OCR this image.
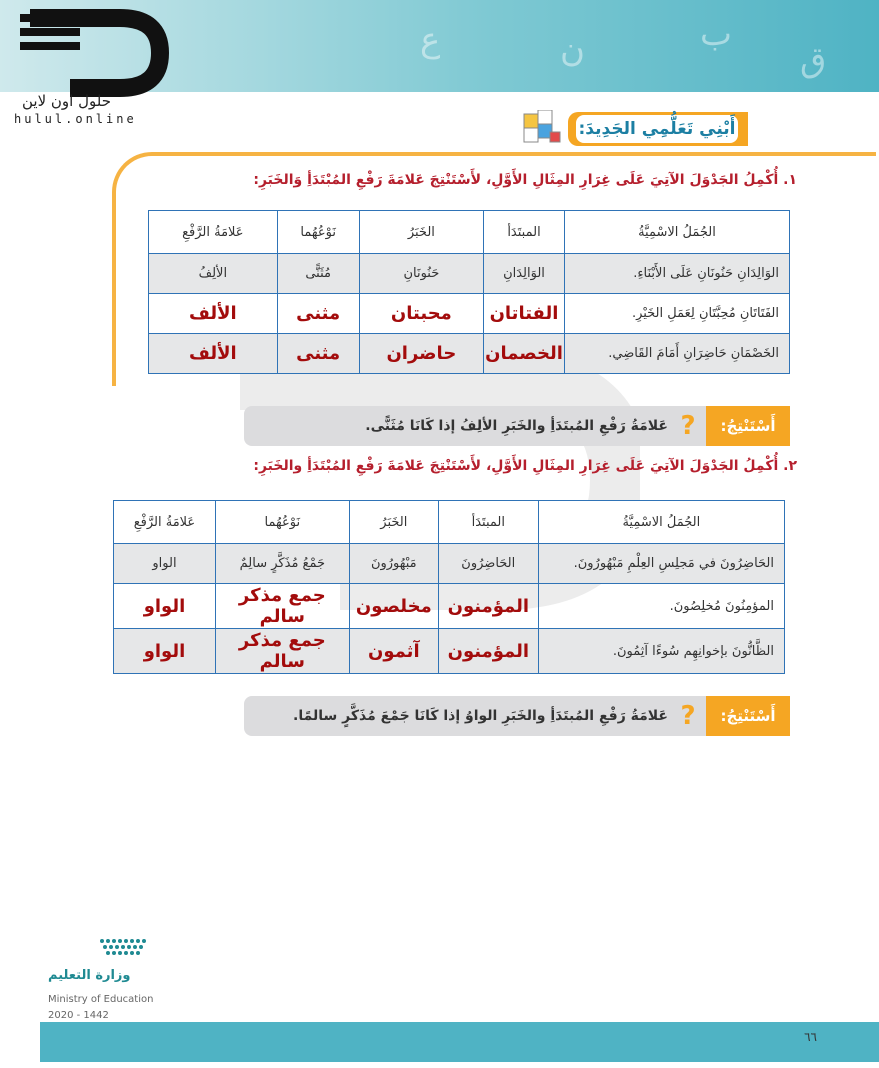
ع	ن	ب
ق
حلول اون لاين
hulul.online	أَبْنِي تَعَلُّمِي الجَدِيدَ:
١. أُكْمِلُ الجَدْوَلَ الآتِيَ عَلَى غِرَارِ المِثَالِ الأَوَّلِ، لأَسْتَنْتِجَ عَلامَةَ رَفْعِ المُبْتَدَأِ وَالخَبَرِ:
الجُمَلُ الاسْمِيَّةُ	المبتَدَأ	الخَبَرُ	نَوْعُهُما	عَلامَةُ الرَّفْعِ
الوَالِدَانِ حَنُونَانِ عَلَى الأَبْنَاءِ.	الوَالِدَانِ	حَنُونَانِ	مُثَنًّى	الألِفُ
الفَتَاتَانِ مُحِبَّتَانِ لِعَمَلِ الخَيْرِ.	الفتاتان	محبتان	مثنى	الألف
الخَصْمَانِ حَاضِرَانِ أَمَامَ القَاضِي.	الخصمان	حاضران	مثنى	الألف
أَسْتَنْتِجُ:
?
عَلامَةُ رَفْعِ المُبتَدَأِ والخَبَرِ الألِفُ إذا كَانَا مُثَنًّى.
٢. أُكْمِلُ الجَدْوَلَ الآتِيَ عَلَى غِرَارِ المِثَالِ الأَوَّلِ، لأَسْتَنْتِجَ عَلامَةَ رَفْعِ المُبْتَدَأِ والخَبَرِ:
الجُمَلُ الاسْمِيَّةُ	المبتَدَأ	الخَبَرُ	نَوْعُهُما	عَلامَةُ الرَّفْعِ
الحَاضِرُونَ في مَجلِسِ العِلْمِ مَبْهُورُونَ.	الحَاضِرُونَ	مَبْهُورُونَ	جَمْعُ مُذَكَّرٍ سالِمٌ	الواو
المؤمِنُونَ مُخلِصُونَ.	المؤمنون	مخلصون	جمع مذكر سالم	الواو
الظَّانُّونَ بإخوانِهِم سُوءًا آثِمُونَ.	المؤمنون	آثمون	جمع مذكر سالم	الواو
أَسْتَنْتِجُ:
?
عَلامَةُ رَفْعِ المُبتَدَأِ والخَبَرِ الواوُ إذا كَانَا جَمْعَ مُذَكَّرٍ سالمًا.
وزارة التعليم
Ministry of Education
2020 - 1442
٦٦
